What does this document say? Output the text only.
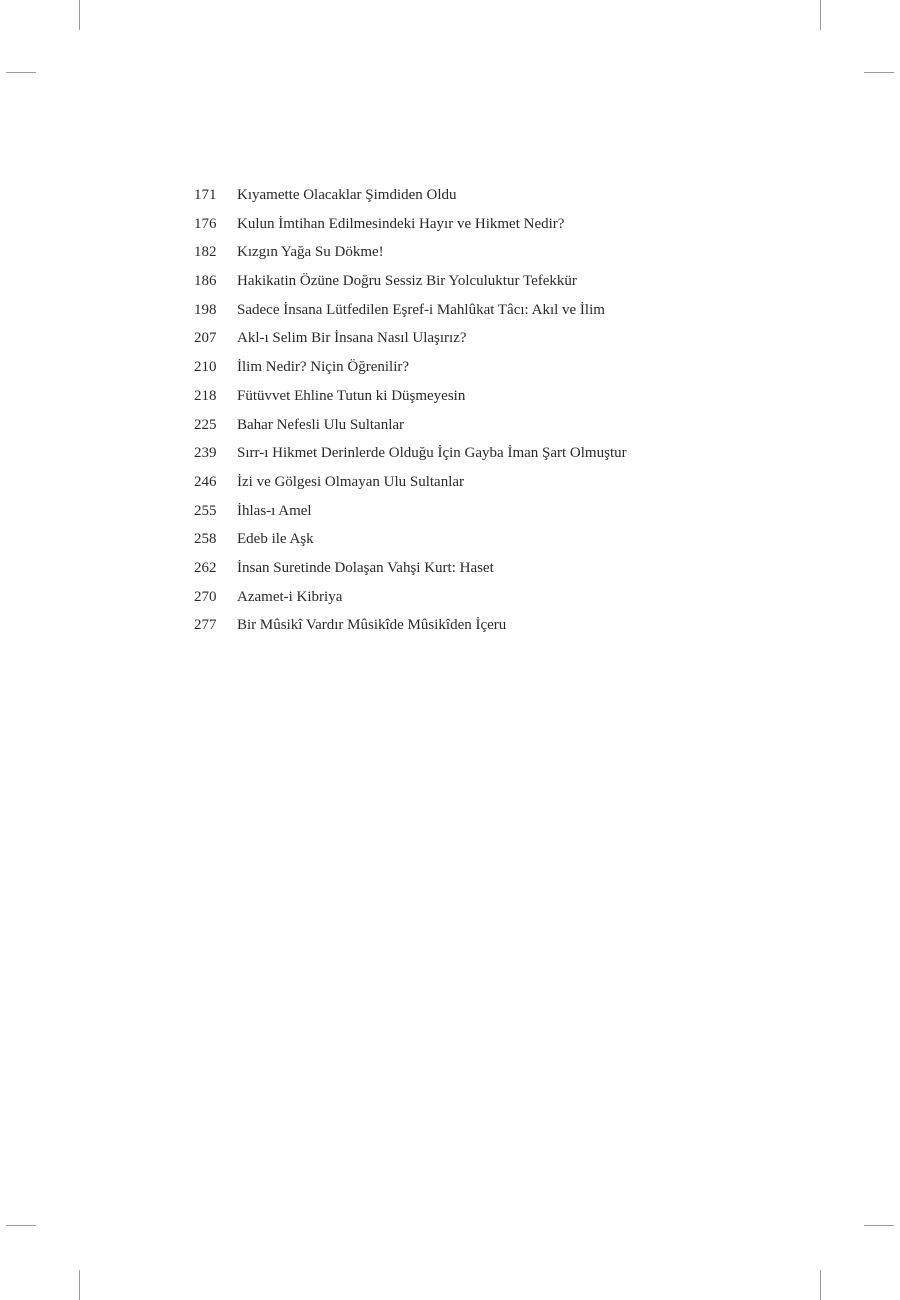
171	Kıyamette Olacaklar Şimdiden Oldu
176	Kulun İmtihan Edilmesindeki Hayır ve Hikmet Nedir?
182	Kızgın Yağa Su Dökme!
186	Hakikatin Özüne Doğru Sessiz Bir Yolculuktur Tefekkür
198	Sadece İnsana Lütfedilen Eşref-i Mahlûkat Tâcı: Akıl ve İlim
207	Akl-ı Selim Bir İnsana Nasıl Ulaşırız?
210	İlim Nedir? Niçin Öğrenilir?
218	Fütüvvet Ehline Tutun ki Düşmeyesin
225	Bahar Nefesli Ulu Sultanlar
239	Sırr-ı Hikmet Derinlerde Olduğu İçin Gayba İman Şart Olmuştur
246	İzi ve Gölgesi Olmayan Ulu Sultanlar
255	İhlas-ı Amel
258	Edeb ile Aşk
262	İnsan Suretinde Dolaşan Vahşi Kurt: Haset
270	Azamet-i Kibriya
277	Bir Mûsikî Vardır Mûsikîde Mûsikîden İçeru
